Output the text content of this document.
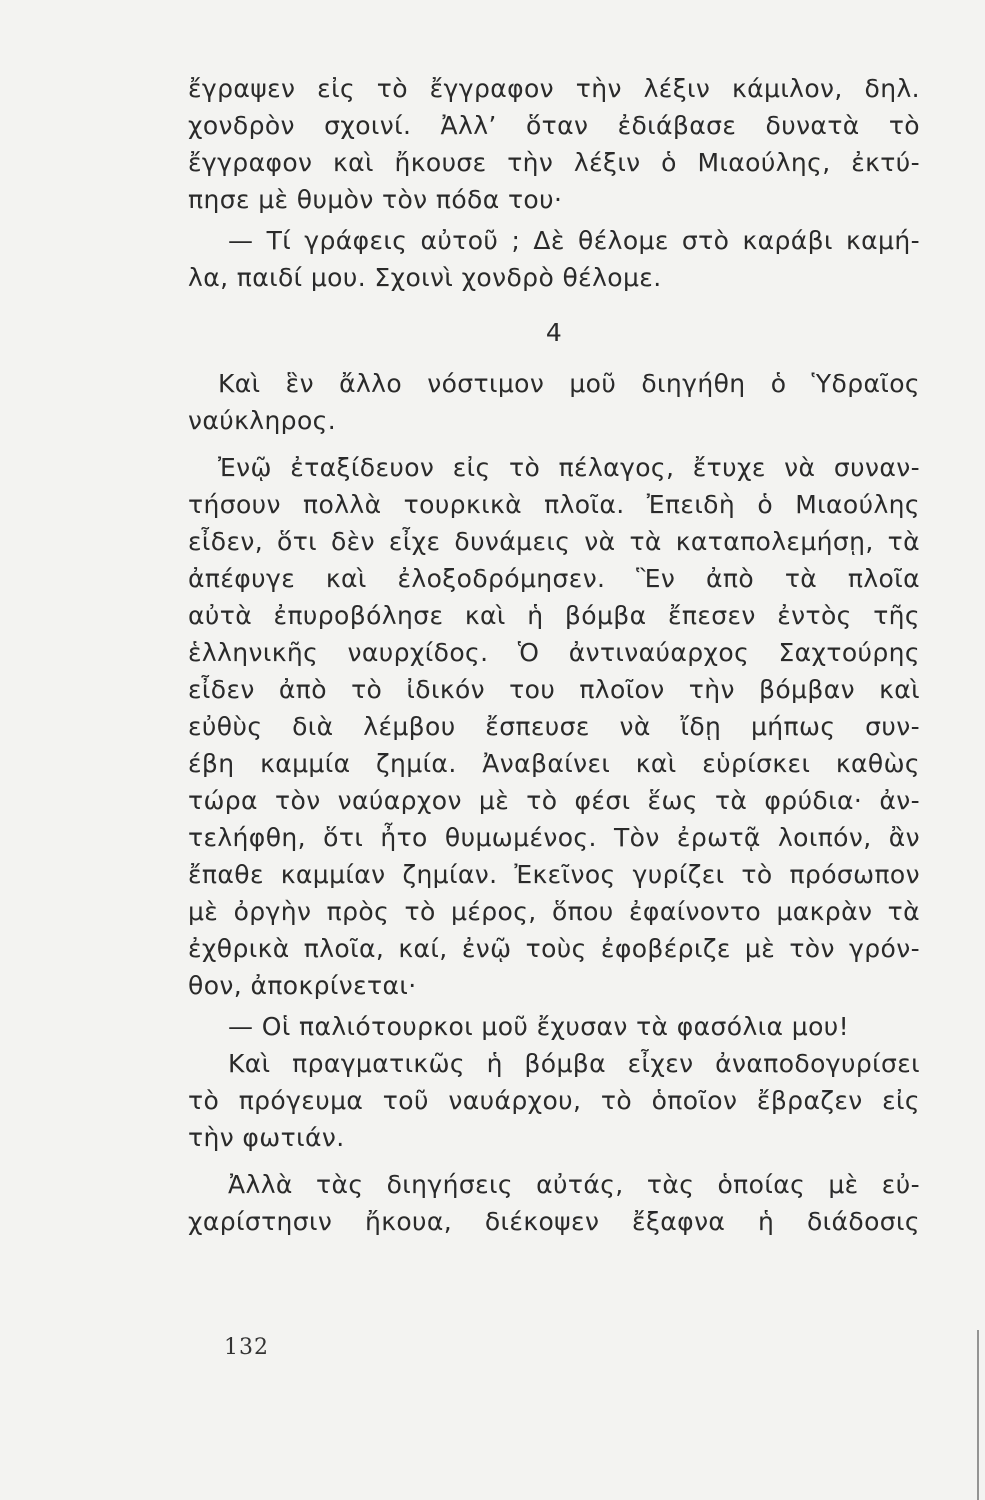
ἔγραψεν εἰς τὸ ἔγγραφον τὴν λέξιν κάμιλον, δηλ.
χονδρὸν σχοινί. Ἀλλ’ ὅταν ἐδιάβασε δυνατὰ τὸ
ἔγγραφον καὶ ἤκουσε τὴν λέξιν ὁ Μιαούλης, ἐκτύ-
πησε μὲ θυμὸν τὸν πόδα του·
— Τί γράφεις αὐτοῦ ; Δὲ θέλομε στὸ καράβι καμή-
λα, παιδί μου. Σχοινὶ χονδρὸ θέλομε.
4
Καὶ ἓν ἄλλο νόστιμον μοῦ διηγήθη ὁ Ὑδραῖος
ναύκληρος.
Ἐνῷ ἐταξίδευον εἰς τὸ πέλαγος, ἔτυχε νὰ συναν-
τήσουν πολλὰ τουρκικὰ πλοῖα. Ἐπειδὴ ὁ Μιαούλης
εἶδεν, ὅτι δὲν εἶχε δυνάμεις νὰ τὰ καταπολεμήσῃ, τὰ
ἀπέφυγε καὶ ἐλοξοδρόμησεν. Ἓν ἀπὸ τὰ πλοῖα
αὐτὰ ἐπυροβόλησε καὶ ἡ βόμβα ἔπεσεν ἐντὸς τῆς
ἑλληνικῆς ναυρχίδος. Ὁ ἀντιναύαρχος Σαχτούρης
εἶδεν ἀπὸ τὸ ἰδικόν του πλοῖον τὴν βόμβαν καὶ
εὐθὺς διὰ λέμβου ἔσπευσε νὰ ἴδῃ μήπως συν-
έβη καμμία ζημία. Ἀναβαίνει καὶ εὑρίσκει καθὼς
τώρα τὸν ναύαρχον μὲ τὸ φέσι ἕως τὰ φρύδια· ἀν-
τελήφθη, ὅτι ἦτο θυμωμένος. Τὸν ἐρωτᾷ λοιπόν, ἂν
ἔπαθε καμμίαν ζημίαν. Ἐκεῖνος γυρίζει τὸ πρόσωπον
μὲ ὀργὴν πρὸς τὸ μέρος, ὅπου ἐφαίνοντο μακρὰν τὰ
ἐχθρικὰ πλοῖα, καί, ἐνῷ τοὺς ἐφοβέριζε μὲ τὸν γρόν-
θον, ἀποκρίνεται·
— Οἱ παλιότουρκοι μοῦ ἔχυσαν τὰ φασόλια μου!
Καὶ πραγματικῶς ἡ βόμβα εἶχεν ἀναποδογυρίσει
τὸ πρόγευμα τοῦ ναυάρχου, τὸ ὁποῖον ἔβραζεν εἰς
τὴν φωτιάν.
Ἀλλὰ τὰς διηγήσεις αὐτάς, τὰς ὁποίας μὲ εὐ-
χαρίστησιν ἤκουα, διέκοψεν ἔξαφνα ἡ διάδοσις
132
